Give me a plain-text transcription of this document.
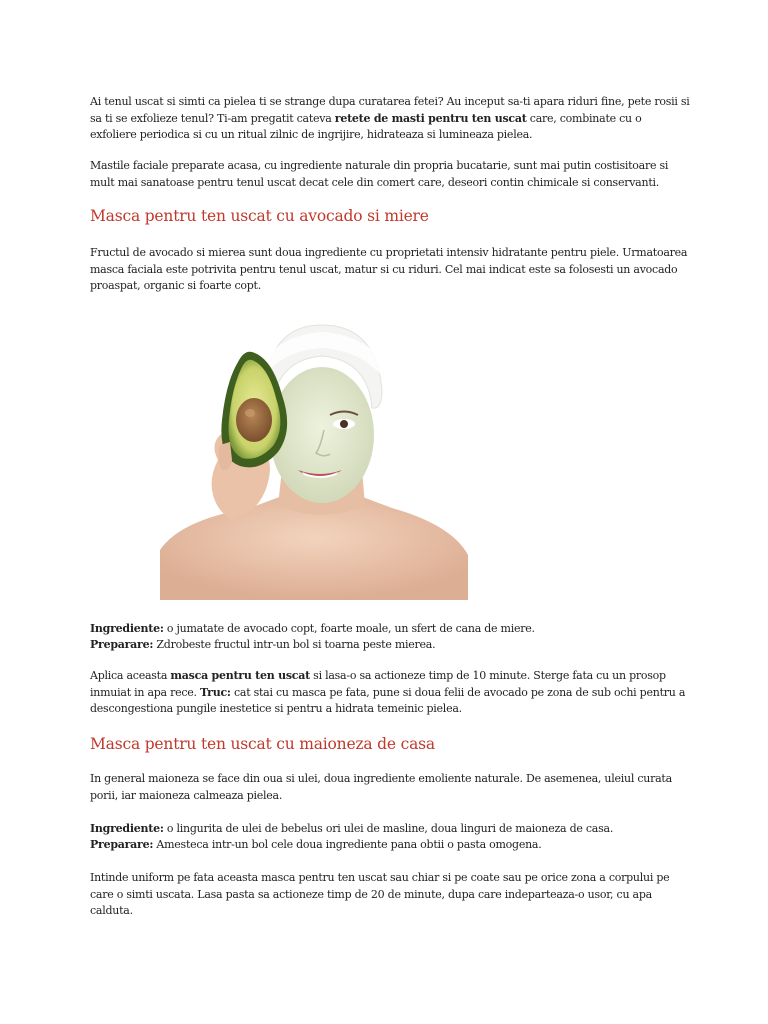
Ai tenul uscat si simti ca pielea ti se strange dupa curatarea fetei? Au inceput sa-ti apara riduri fine, pete rosii si sa ti se exfolieze tenul? Ti-am pregatit cateva retete de masti pentru ten uscat care, combinate cu o exfoliere periodica si cu un ritual zilnic de ingrijire, hidrateaza si lumineaza pielea.

Mastile faciale preparate acasa, cu ingrediente naturale din propria bucatarie, sunt mai putin costisitoare si mult mai sanatoase pentru tenul uscat decat cele din comert care, deseori contin chimicale si conservanti.

Masca pentru ten uscat cu avocado si miere

Fructul de avocado si mierea sunt doua ingrediente cu proprietati intensiv hidratante pentru piele. Urmatoarea masca faciala este potrivita pentru tenul uscat, matur si cu riduri. Cel mai indicat este sa folosesti un avocado proaspat, organic si foarte copt.

Ingrediente: o jumatate de avocado copt, foarte moale, un sfert de cana de miere.

Preparare: Zdrobeste fructul intr-un bol si toarna peste mierea.

Aplica aceasta masca pentru ten uscat si lasa-o sa actioneze timp de 10 minute. Sterge fata cu un prosop inmuiat in apa rece. Truc: cat stai cu masca pe fata, pune si doua felii de avocado pe zona de sub ochi pentru a descongestiona pungile inestetice si pentru a hidrata temeinic pielea.

Masca pentru ten uscat cu maioneza de casa

In general maioneza se face din oua si ulei, doua ingrediente emoliente naturale. De asemenea, uleiul curata porii, iar maioneza calmeaza pielea.

Ingrediente: o lingurita de ulei de bebelus ori ulei de masline, doua linguri de maioneza de casa.

Preparare: Amesteca intr-un bol cele doua ingrediente pana obtii o pasta omogena.

Intinde uniform pe fata aceasta masca pentru ten uscat sau chiar si pe coate sau pe orice zona a corpului pe care o simti uscata. Lasa pasta sa actioneze timp de 20 de minute, dupa care indeparteaza-o usor, cu apa calduta.
